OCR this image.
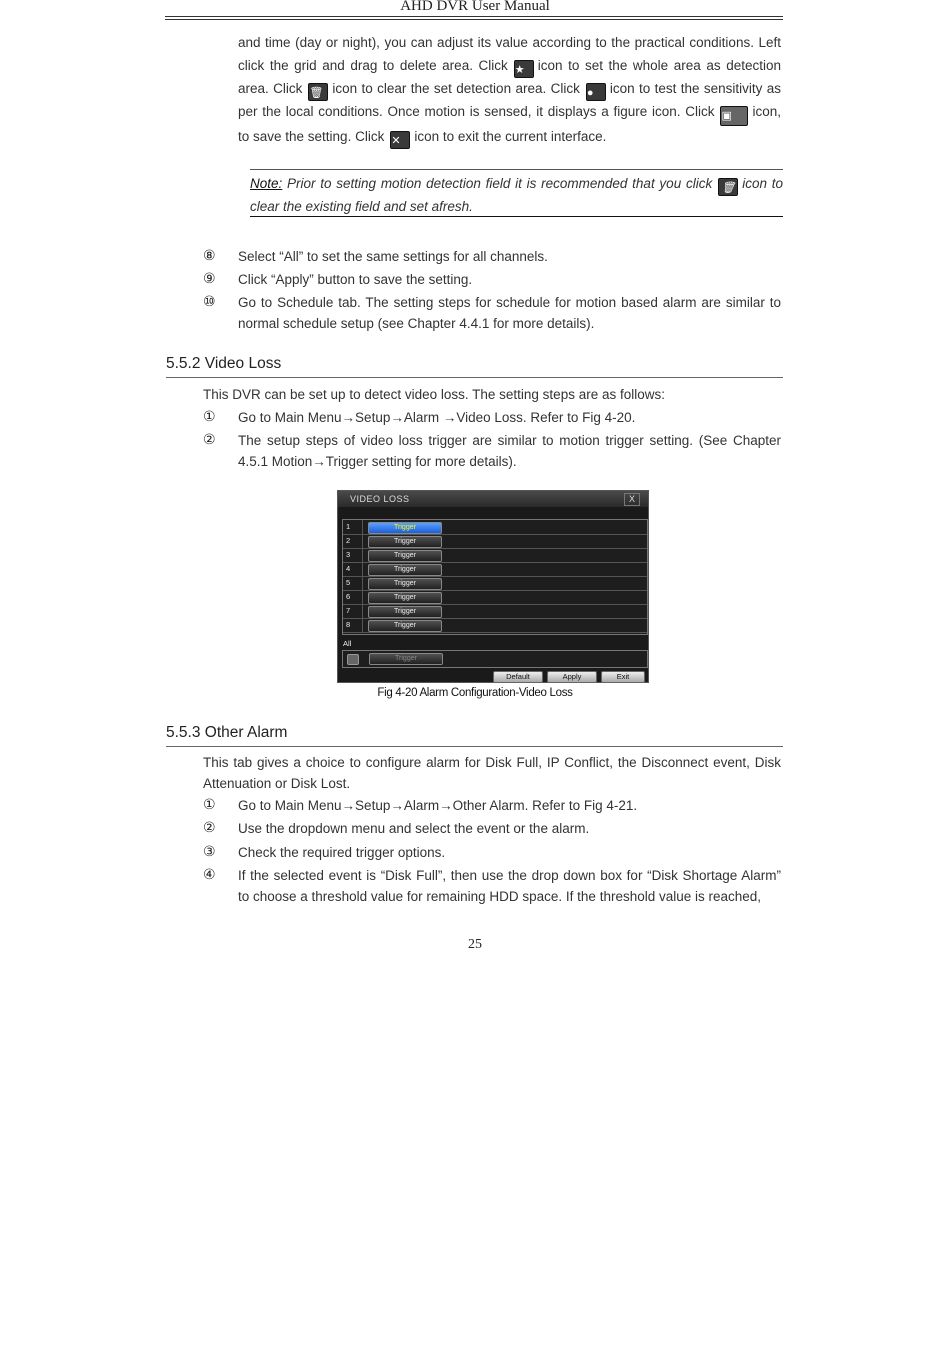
AHD DVR User Manual
and time (day or night), you can adjust its value according to the practical conditions. Left click the grid and drag to delete area. Click ★ icon to set the whole area as detection area. Click 🗑 icon to clear the set detection area. Click ● icon to test the sensitivity as per the local conditions. Once motion is sensed, it displays a figure icon. Click ▣ icon, to save the setting. Click ✕ icon to exit the current interface.
Note: Prior to setting motion detection field it is recommended that you click 🗑 icon to clear the existing field and set afresh.
⑧ Select “All” to set the same settings for all channels.
⑨ Click “Apply” button to save the setting.
⑩ Go to Schedule tab. The setting steps for schedule for motion based alarm are similar to normal schedule setup (see Chapter 4.4.1 for more details).
5.5.2 Video Loss
This DVR can be set up to detect video loss. The setting steps are as follows:
① Go to Main Menu→Setup→Alarm →Video Loss. Refer to Fig 4-20.
② The setup steps of video loss trigger are similar to motion trigger setting. (See Chapter 4.5.1 Motion→Trigger setting for more details).
VIDEO LOSS	X
1	Trigger
2	Trigger
3	Trigger
4	Trigger
5	Trigger
6	Trigger
7	Trigger
8	Trigger
All
Trigger
Default	Apply	Exit
Fig 4-20 Alarm Configuration-Video Loss
5.5.3 Other Alarm
This tab gives a choice to configure alarm for Disk Full, IP Conflict, the Disconnect event, Disk Attenuation or Disk Lost.
① Go to Main Menu→Setup→Alarm→Other Alarm. Refer to Fig 4-21.
② Use the dropdown menu and select the event or the alarm.
③ Check the required trigger options.
④ If the selected event is “Disk Full”, then use the drop down box for “Disk Shortage Alarm” to choose a threshold value for remaining HDD space. If the threshold value is reached,
25
